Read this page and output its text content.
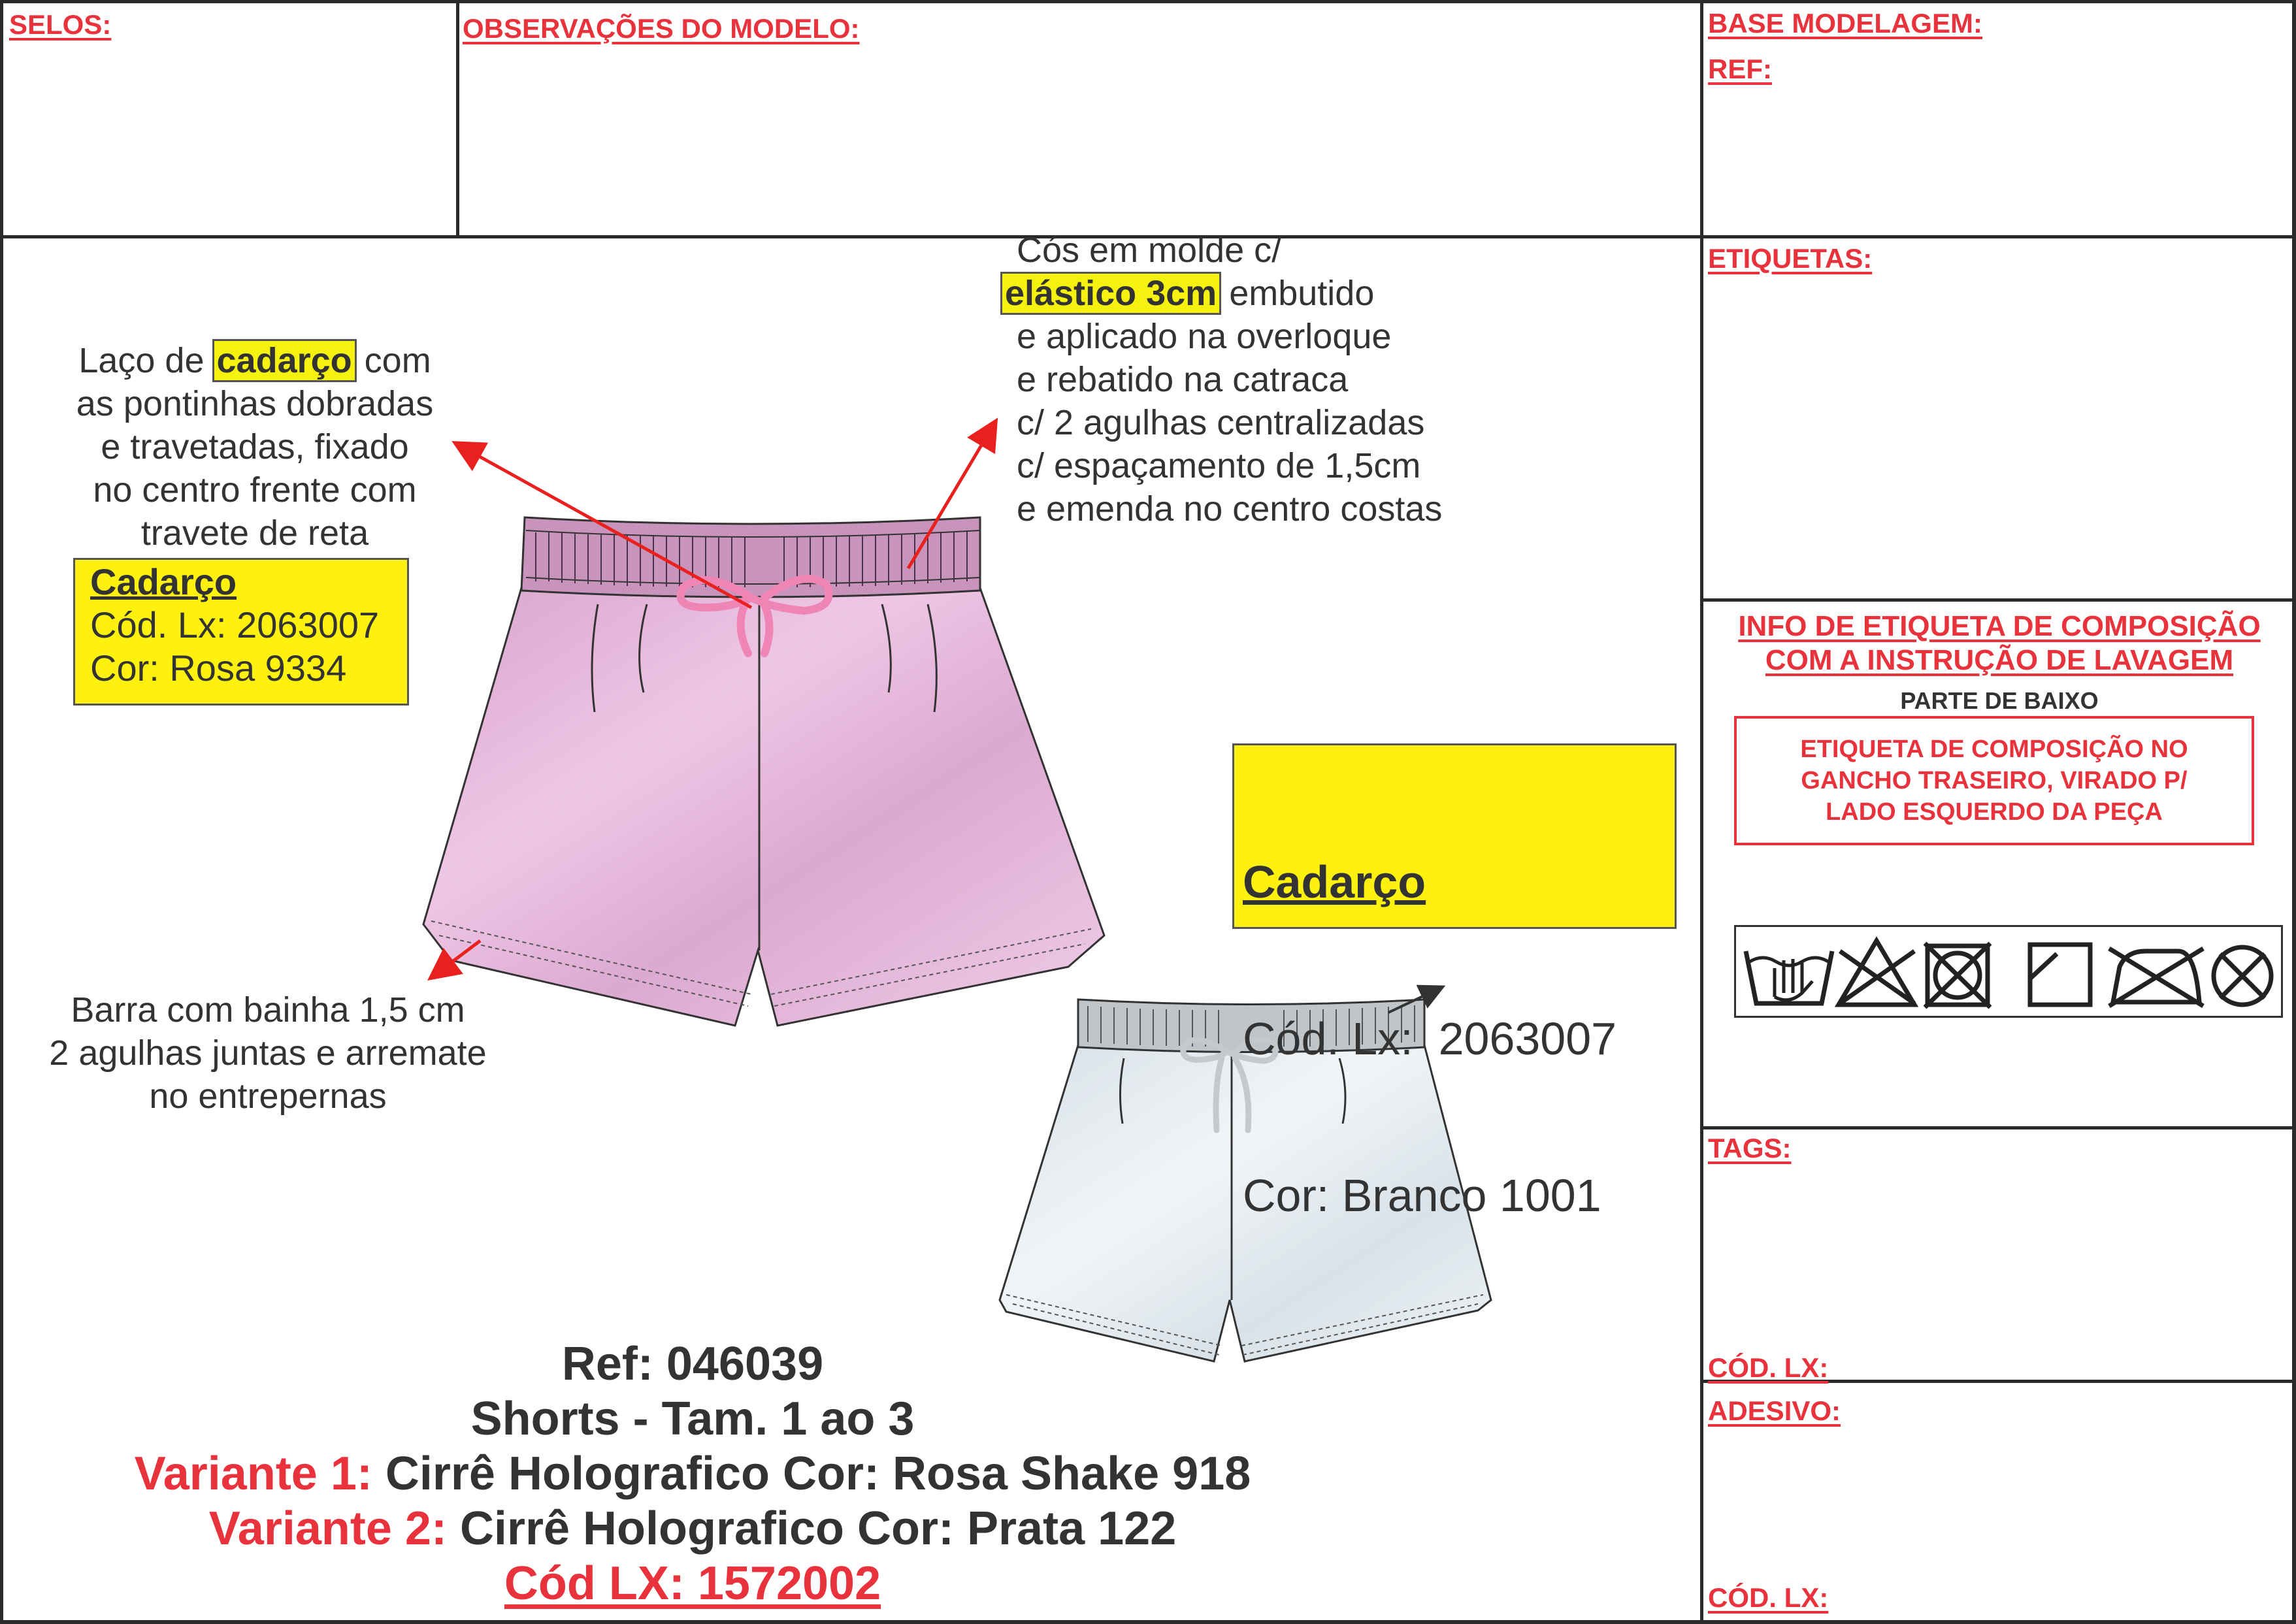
SELOS:	OBSERVAÇÕES DO MODELO:	BASE MODELAGEM:
REF:
ETIQUETAS:
INFO DE ETIQUETA DE COMPOSIÇÃO
COM A INSTRUÇÃO DE LAVAGEM
PARTE DE BAIXO
ETIQUETA DE COMPOSIÇÃO NO
GANCHO TRASEIRO, VIRADO P/
LADO ESQUERDO DA PEÇA
TAGS:
CÓD. LX:
ADESIVO:
CÓD. LX:
Laço de cadarço com
as pontinhas dobradas
e travetadas, fixado
no centro frente com
travete de reta
Cadarço
Cód. Lx: 2063007
Cor: Rosa 9334
Cós em molde c/
elástico 3cm embutido
e aplicado na overloque
e rebatido na catraca
c/ 2 agulhas centralizadas
c/ espaçamento de 1,5cm
e emenda no centro costas

Cadarço

Cód. Lx:  2063007

Cor: Branco 1001

Barra com bainha 1,5 cm
2 agulhas juntas e arremate
no entrepernas
Ref: 046039
Shorts - Tam. 1 ao 3
Variante 1: Cirrê Holografico Cor: Rosa Shake 918
Variante 2: Cirrê Holografico Cor: Prata 122
Cód LX: 1572002
